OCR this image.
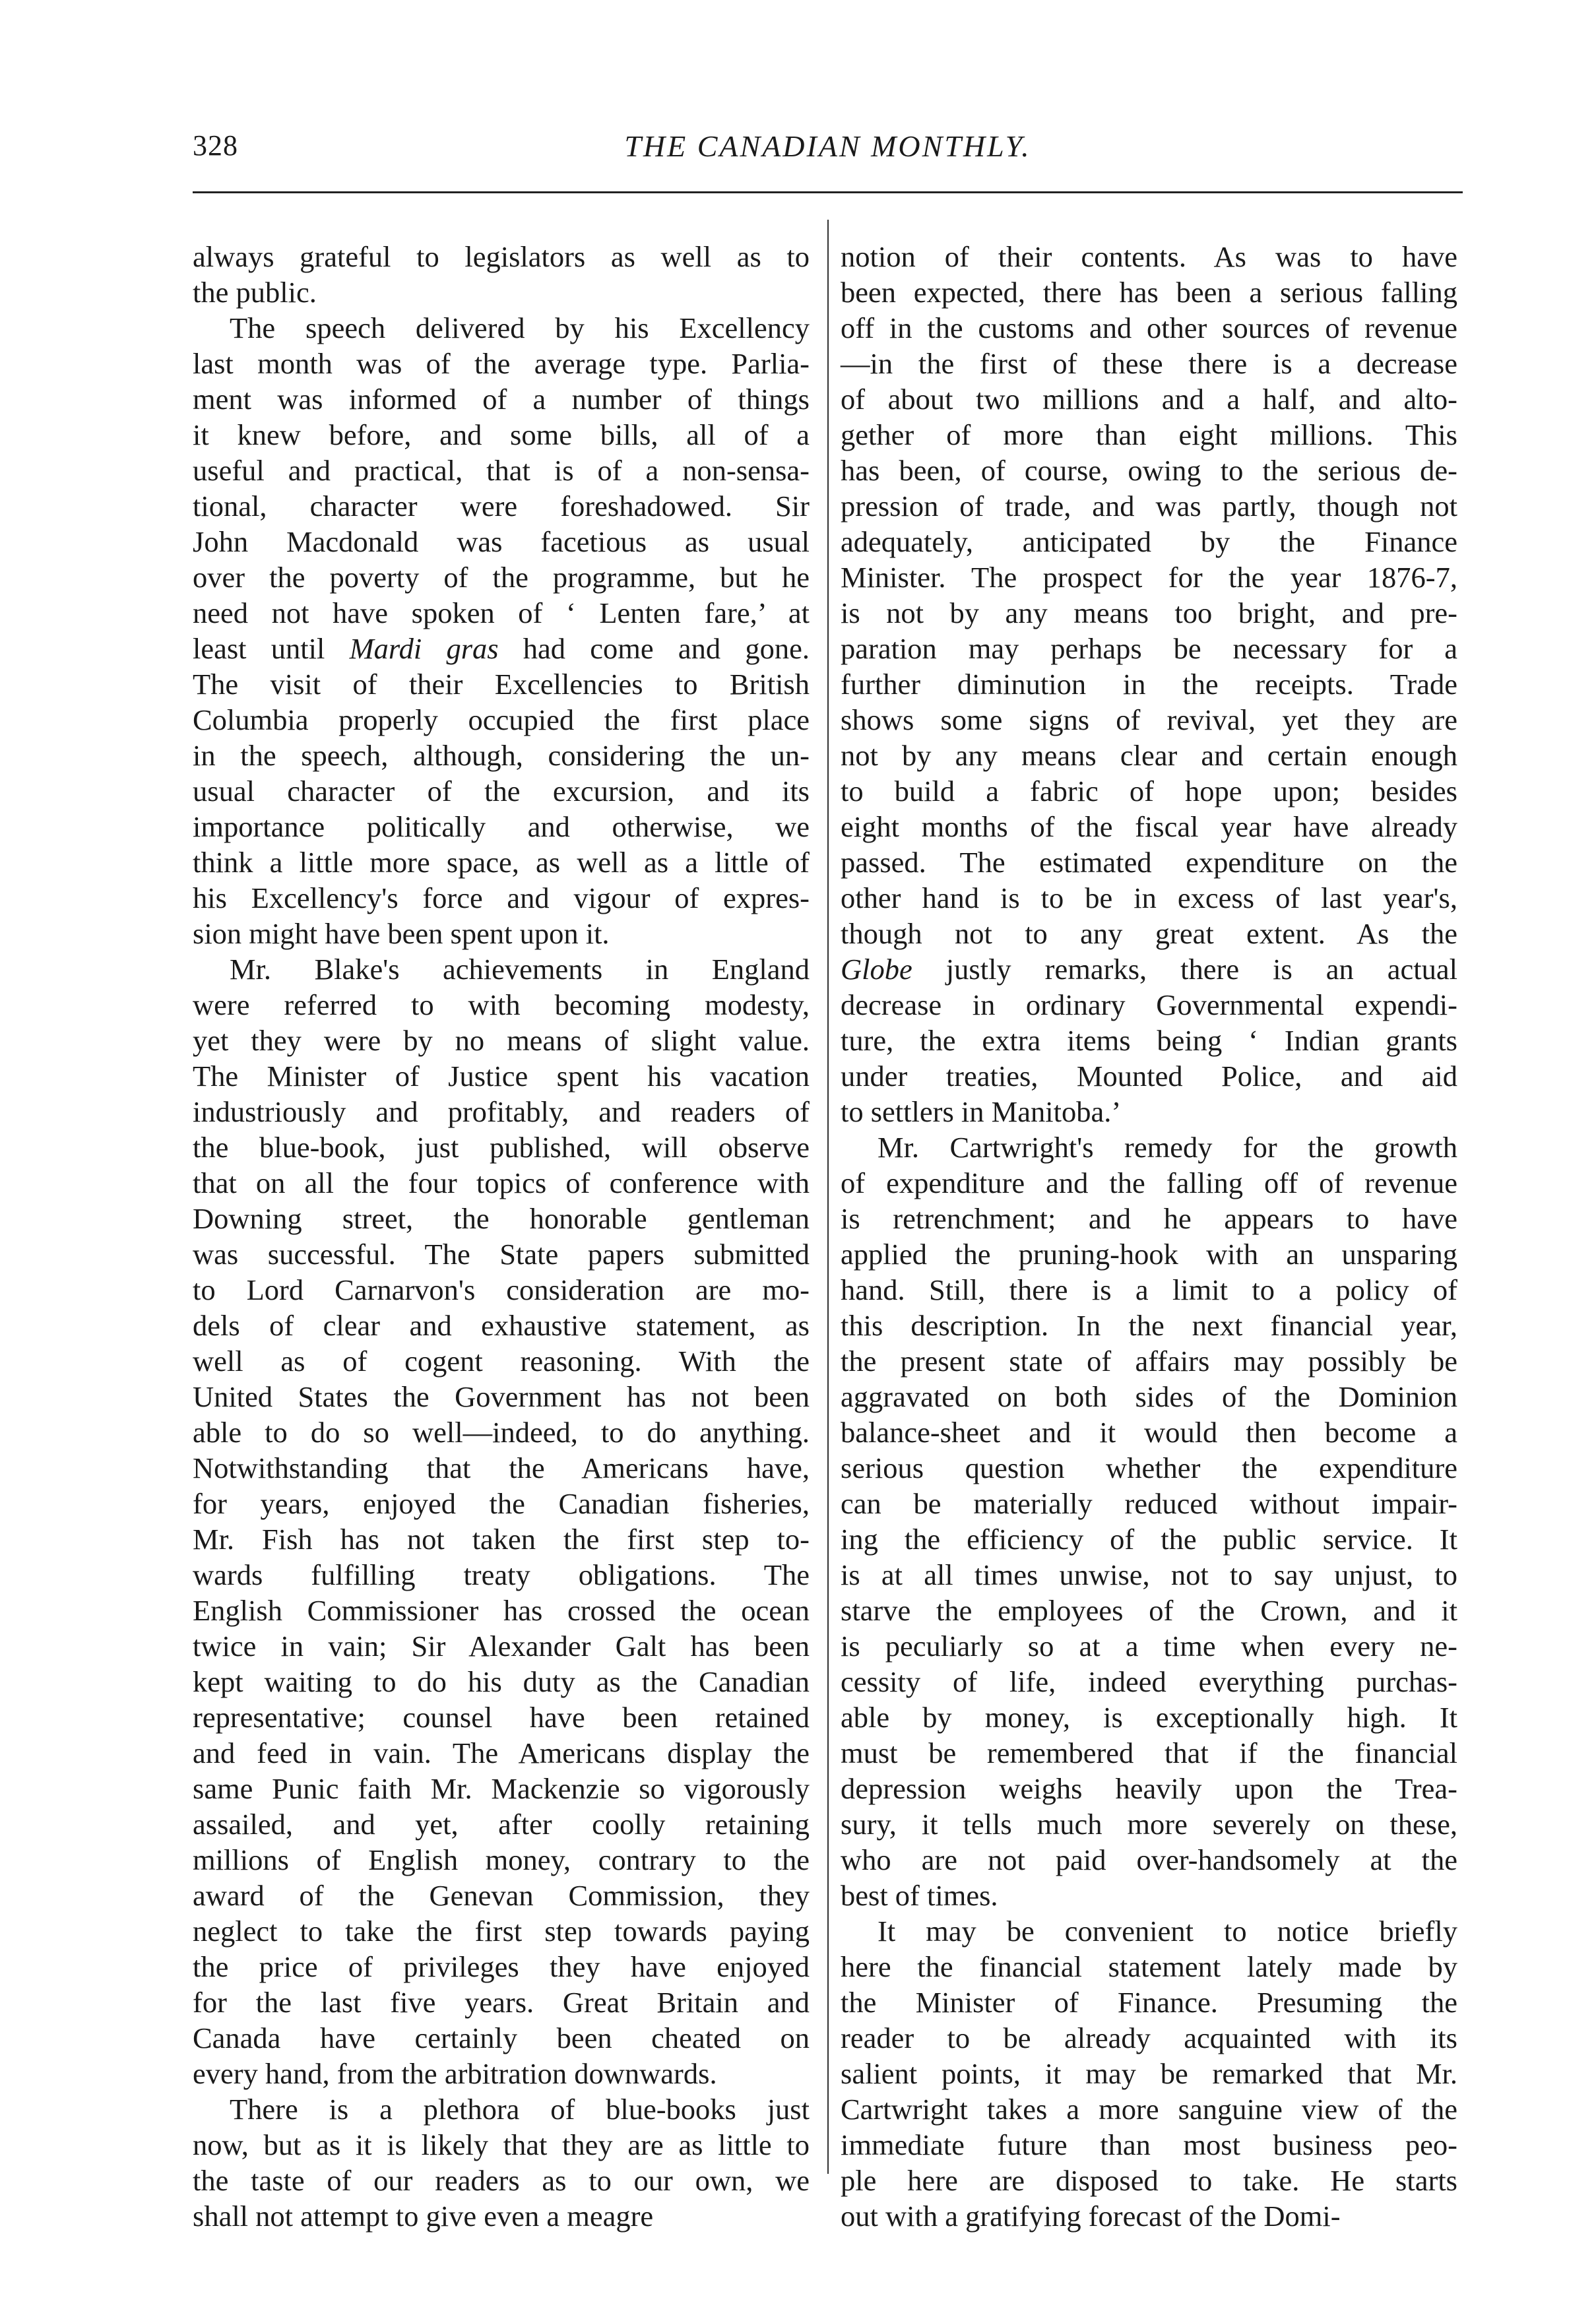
328	THE CANADIAN MONTHLY.
always grateful to legislators as well as to
the public.
The speech delivered by his Excellency
last month was of the average type. Parlia-
ment was informed of a number of things
it knew before, and some bills, all of a
useful and practical, that is of a non-sensa-
tional, character were foreshadowed. Sir
John Macdonald was facetious as usual
over the poverty of the programme, but he
need not have spoken of ‘ Lenten fare,’ at
least until Mardi gras had come and gone.
The visit of their Excellencies to British
Columbia properly occupied the first place
in the speech, although, considering the un-
usual character of the excursion, and its
importance politically and otherwise, we
think a little more space, as well as a little of
his Excellency's force and vigour of expres-
sion might have been spent upon it.
Mr. Blake's achievements in England
were referred to with becoming modesty,
yet they were by no means of slight value.
The Minister of Justice spent his vacation
industriously and profitably, and readers of
the blue-book, just published, will observe
that on all the four topics of conference with
Downing street, the honorable gentleman
was successful. The State papers submitted
to Lord Carnarvon's consideration are mo-
dels of clear and exhaustive statement, as
well as of cogent reasoning. With the
United States the Government has not been
able to do so well—indeed, to do anything.
Notwithstanding that the Americans have,
for years, enjoyed the Canadian fisheries,
Mr. Fish has not taken the first step to-
wards fulfilling treaty obligations. The
English Commissioner has crossed the ocean
twice in vain; Sir Alexander Galt has been
kept waiting to do his duty as the Canadian
representative; counsel have been retained
and feed in vain. The Americans display the
same Punic faith Mr. Mackenzie so vigorously
assailed, and yet, after coolly retaining
millions of English money, contrary to the
award of the Genevan Commission, they
neglect to take the first step towards paying
the price of privileges they have enjoyed
for the last five years. Great Britain and
Canada have certainly been cheated on
every hand, from the arbitration downwards.
There is a plethora of blue-books just
now, but as it is likely that they are as little to
the taste of our readers as to our own, we
shall not attempt to give even a meagre
notion of their contents. As was to have
been expected, there has been a serious falling
off in the customs and other sources of revenue
—in the first of these there is a decrease
of about two millions and a half, and alto-
gether of more than eight millions. This
has been, of course, owing to the serious de-
pression of trade, and was partly, though not
adequately, anticipated by the Finance
Minister. The prospect for the year 1876-7,
is not by any means too bright, and pre-
paration may perhaps be necessary for a
further diminution in the receipts. Trade
shows some signs of revival, yet they are
not by any means clear and certain enough
to build a fabric of hope upon; besides
eight months of the fiscal year have already
passed. The estimated expenditure on the
other hand is to be in excess of last year's,
though not to any great extent. As the
Globe justly remarks, there is an actual
decrease in ordinary Governmental expendi-
ture, the extra items being ‘ Indian grants
under treaties, Mounted Police, and aid
to settlers in Manitoba.’
Mr. Cartwright's remedy for the growth
of expenditure and the falling off of revenue
is retrenchment; and he appears to have
applied the pruning-hook with an unsparing
hand. Still, there is a limit to a policy of
this description. In the next financial year,
the present state of affairs may possibly be
aggravated on both sides of the Dominion
balance-sheet and it would then become a
serious question whether the expenditure
can be materially reduced without impair-
ing the efficiency of the public service. It
is at all times unwise, not to say unjust, to
starve the employees of the Crown, and it
is peculiarly so at a time when every ne-
cessity of life, indeed everything purchas-
able by money, is exceptionally high. It
must be remembered that if the financial
depression weighs heavily upon the Trea-
sury, it tells much more severely on these,
who are not paid over-handsomely at the
best of times.
It may be convenient to notice briefly
here the financial statement lately made by
the Minister of Finance. Presuming the
reader to be already acquainted with its
salient points, it may be remarked that Mr.
Cartwright takes a more sanguine view of the
immediate future than most business peo-
ple here are disposed to take. He starts
out with a gratifying forecast of the Domi-
